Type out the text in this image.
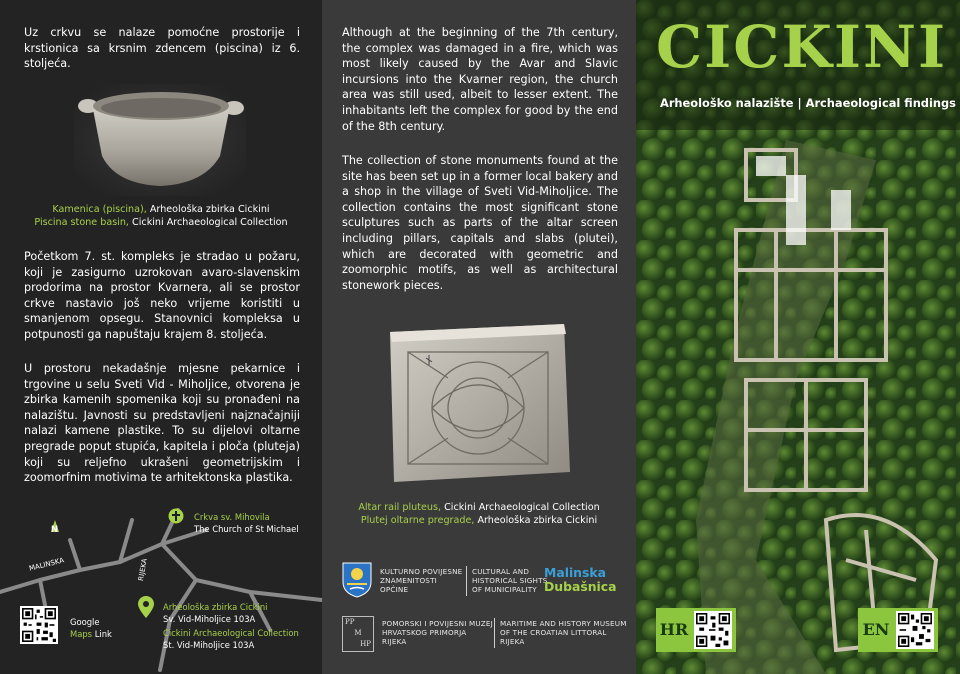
Uz crkvu se nalaze pomoćne prostorije i krstionica sa krsnim zdencem (piscina) iz 6. stoljeća.

Kamenica (piscina), Arheološka zbirka Cickini

Piscina stone basin, Cickini Archaeological Collection

Početkom 7. st. kompleks je stradao u požaru, koji je zasigurno uzrokovan avaro-slavenskim prodorima na prostor Kvarnera, ali se prostor crkve nastavio još neko vrijeme koristiti u smanjenom opsegu. Stanovnici kompleksa u potpunosti ga napuštaju krajem 8. stoljeća.

U prostoru nekadašnje mjesne pekarnice i trgovine u selu Sveti Vid - Miholjice, otvorena je zbirka kamenih spomenika koji su pronađeni na nalazištu. Javnosti su predstavljeni najznačajniji nalazi kamene plastike. To su dijelovi oltarne pregrade poput stupića, kapitela i ploča (pluteja) koji su reljefno ukrašeni geometrijskim i zoomorfnim motivima te arhitektonska plastika.

N
MALINSKA	RIJEKA
Crkva sv. Mihovila
The Church of St Michael
Arheološka zbirka Cickini
Sv. Vid-Miholjice 103A
Cickini Archaeological Collection
St. Vid-Miholjice 103A
Google
Maps Link

Although at the beginning of the 7th century, the complex was damaged in a fire, which was most likely caused by the Avar and Slavic incursions into the Kvarner region, the church area was still used, albeit to lesser extent. The inhabitants left the complex for good by the end of the 8th century.

The collection of stone monuments found at the site has been set up in a former local bakery and a shop in the village of Sveti Vid-Miholjice. The collection contains the most significant stone sculptures such as parts of the altar screen including pillars, capitals and slabs (plutei), which are decorated with geometric and zoomorphic motifs, as well as architectural stonework pieces.

Altar rail pluteus, Cickini Archaeological Collection

Plutej oltarne pregrade, Arheološka zbirka Cickini

KULTURNO POVIJESNE
ZNAMENITOSTI
OPĆINE
CULTURAL AND
HISTORICAL SIGHTS
OF MUNICIPALITY
Malinska
Dubašnica
PP
M
HP
POMORSKI I POVIJESNI MUZEJ
HRVATSKOG PRIMORJA
RIJEKA
MARITIME AND HISTORY MUSEUM
OF THE CROATIAN LITTORAL
RIJEKA
CICKINI

Arheološko nalazište | Archaeological findings

HR	EN
